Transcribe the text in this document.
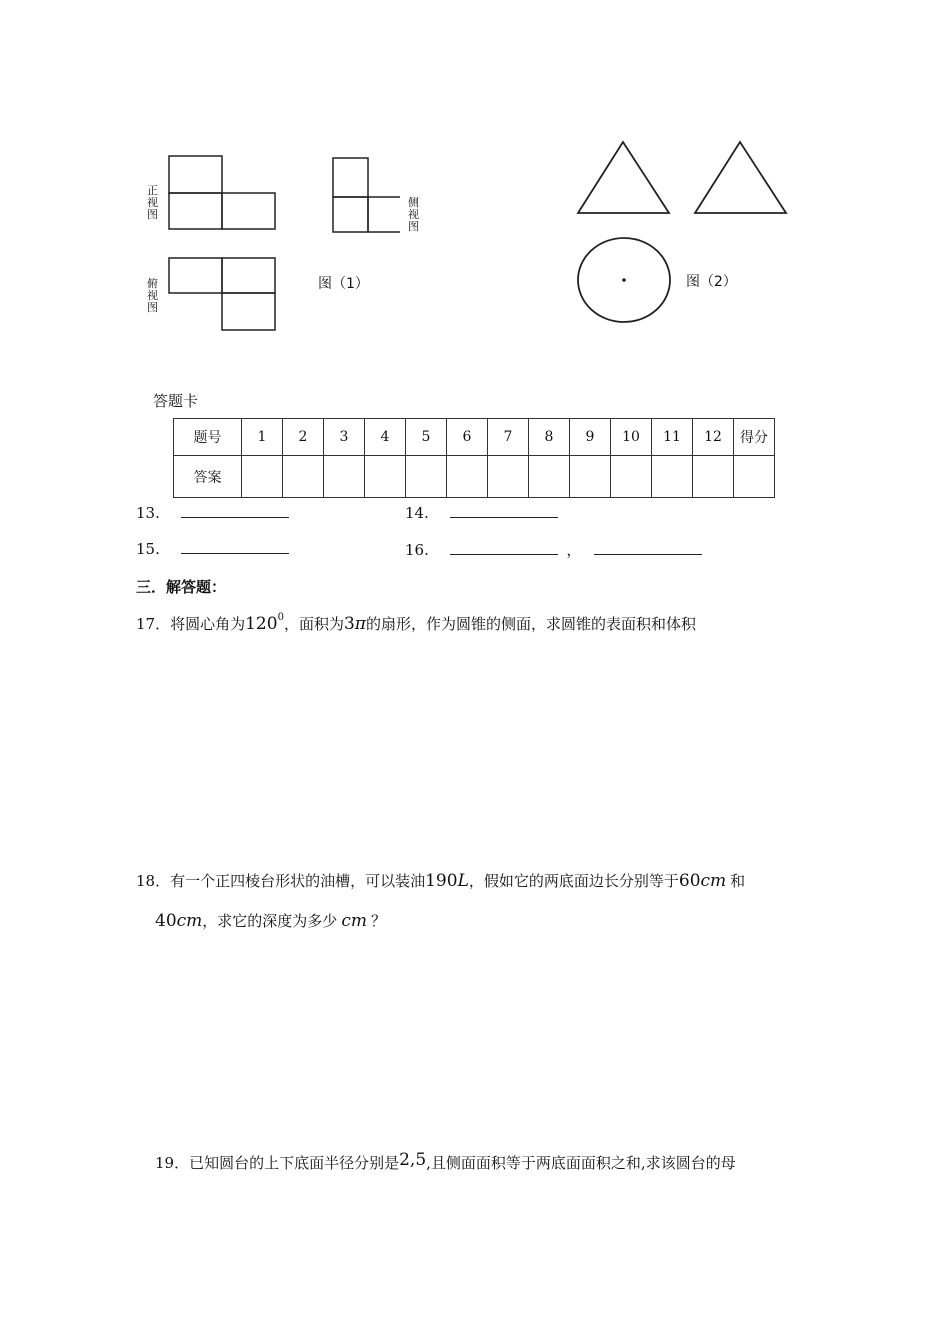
正视图
侧视图
俯视图
图（1）	图（2）
答题卡
题号	1	2	3	4	5	6	7	8	9	10	11	12	得分
答案													
13.	14.
15.	16.	，
三．解答题：
17．将圆心角为$120^0$，面积为3π的扇形，作为圆锥的侧面，求圆锥的表面积和体积
18．有一个正四棱台形状的油槽，可以装油190L，假如它的两底面边长分别等于60cm 和
40cm，求它的深度为多少 cm ？
19．已知圆台的上下底面半径分别是2,5,且侧面面积等于两底面面积之和,求该圆台的母
